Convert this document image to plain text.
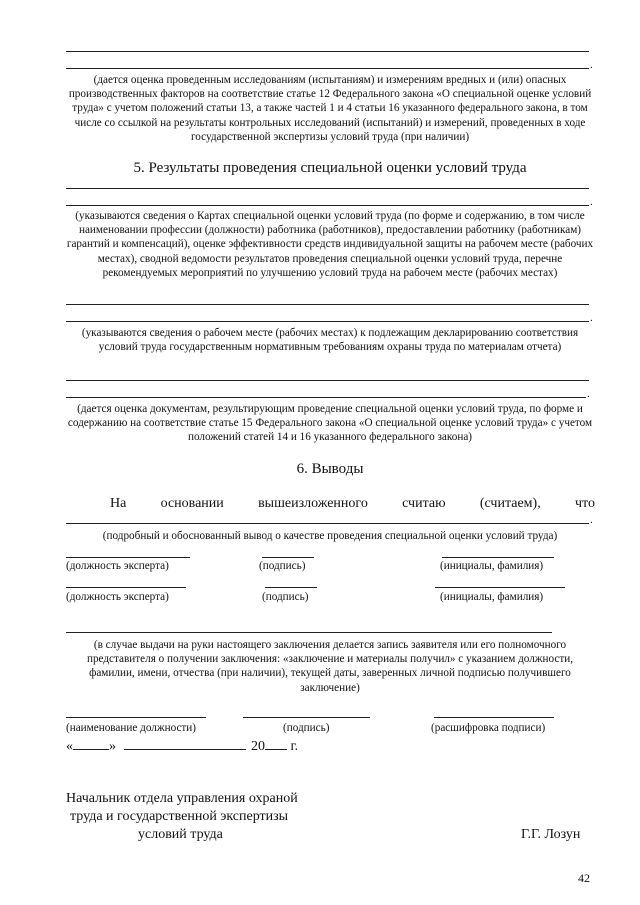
.

(дается оценка проведенным исследованиям (испытаниям) и измерениям вредных и (или) опасных производственных факторов на соответствие статье 12 Федерального закона «О специальной оценке условий труда» с учетом положений статьи 13, а также частей 1 и 4 статьи 16 указанного федерального закона, в том числе со ссылкой на результаты контрольных исследований (испытаний) и измерений, проведенных в ходе государственной экспертизы условий труда (при наличии)

5. Результаты проведения специальной оценки условий труда
.

(указываются сведения о Картах специальной оценки условий труда (по форме и содержанию, в том числе наименовании профессии (должности) работника (работников), предоставлении работнику (работникам) гарантий и компенсаций), оценке эффективности средств индивидуальной защиты на рабочем месте (рабочих местах), сводной ведомости результатов проведения специальной оценки условий труда, перечне рекомендуемых мероприятий по улучшению условий труда на рабочем месте (рабочих местах)

.

(указываются сведения о рабочем месте (рабочих местах) к подлежащим декларированию соответствия условий труда государственным нормативным требованиям охраны труда по материалам отчета)

.

(дается оценка документам, результирующим проведение специальной оценки условий труда, по форме и содержанию на соответствие статье 15 Федерального закона «О специальной оценке условий труда» с учетом положений статей 14 и 16 указанного федерального закона)

6. Выводы
На основании вышеизложенного считаю (считаем), что
.

(подробный и обоснованный вывод о качестве проведения специальной оценки условий труда)

(должность эксперта)	(подпись)	(инициалы, фамилия)
(должность эксперта)	(подпись)	(инициалы, фамилия)

(в случае выдачи на руки настоящего заключения делается запись заявителя или его полномочного представителя о получении заключения: «заключение и материалы получил» с указанием должности, фамилии, имени, отчества (при наличии), текущей даты, заверенных личной подписью получившего заключение)

(наименование должности)	(подпись)	(расшифровка подписи)
«	»	20 г.
Начальник отдела управления охраной
труда и государственной экспертизы
условий труда	Г.Г. Лозун
42
